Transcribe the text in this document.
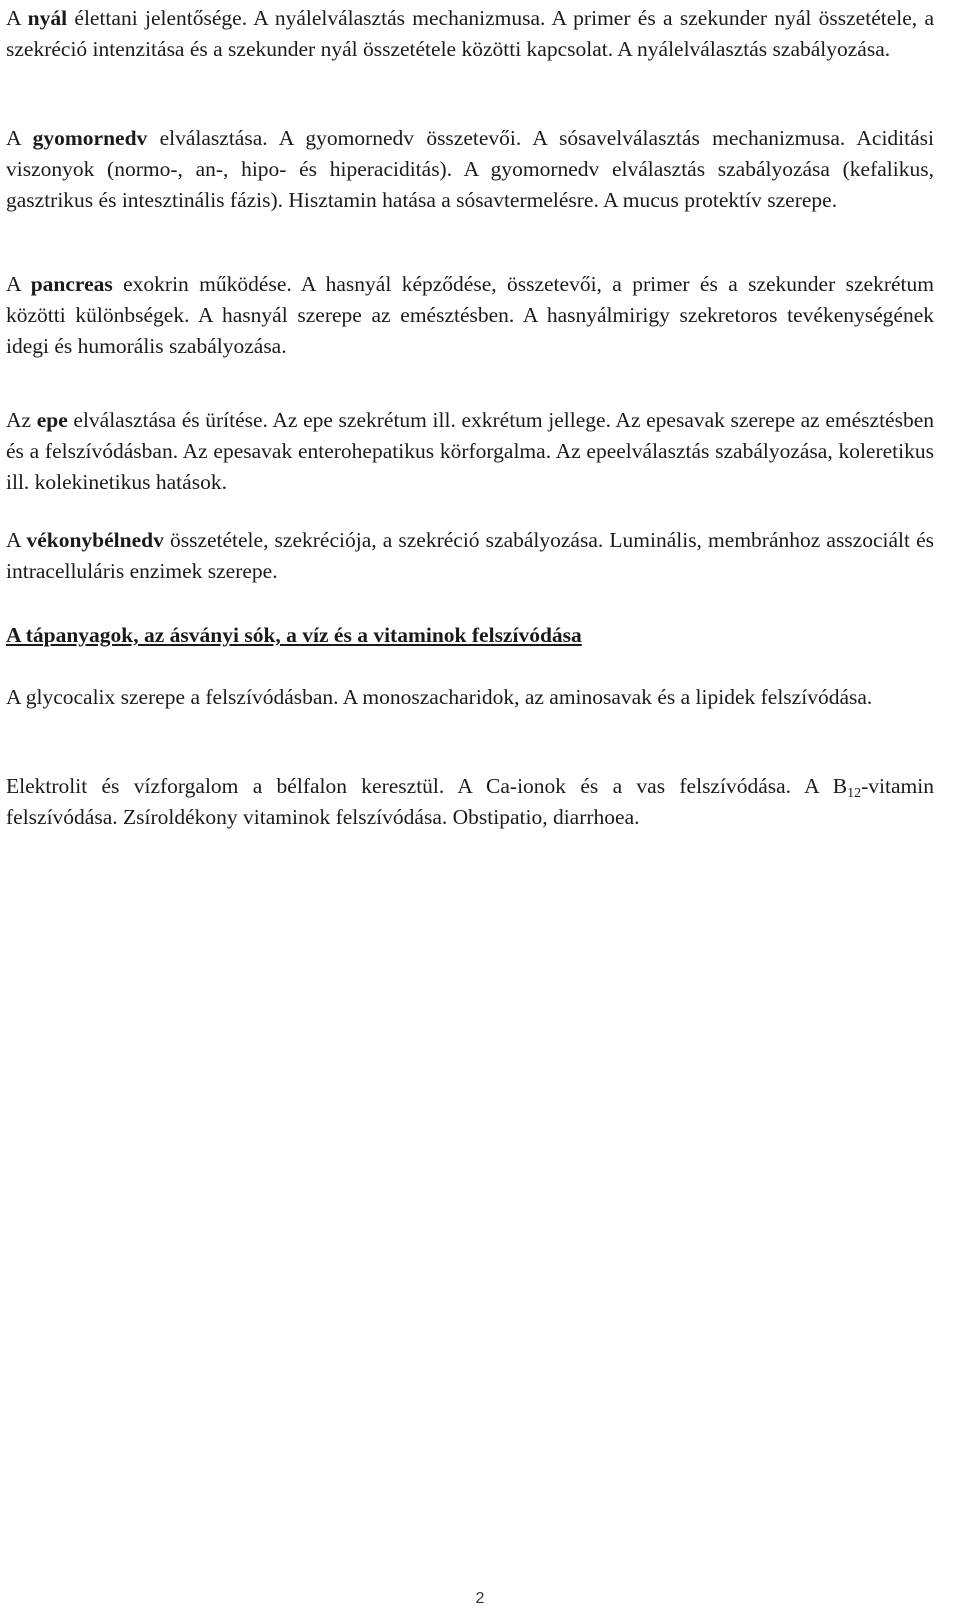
A nyál élettani jelentősége. A nyálelválasztás mechanizmusa. A primer és a szekunder nyál összetétele, a szekréció intenzitása és a szekunder nyál összetétele közötti kapcsolat. A nyálelválasztás szabályozása.

A gyomornedv elválasztása. A gyomornedv összetevői. A sósavelválasztás mechanizmusa. Aciditási viszonyok (normo-, an-, hipo- és hiperaciditás). A gyomornedv elválasztás szabályozása (kefalikus, gasztrikus és intesztinális fázis). Hisztamin hatása a sósavtermelésre. A mucus protektív szerepe.

A pancreas exokrin működése. A hasnyál képződése, összetevői, a primer és a szekunder szekrétum közötti különbségek. A hasnyál szerepe az emésztésben. A hasnyálmirigy szekretoros tevékenységének idegi és humorális szabályozása.

Az epe elválasztása és ürítése. Az epe szekrétum ill. exkrétum jellege. Az epesavak szerepe az emésztésben és a felszívódásban. Az epesavak enterohepatikus körforgalma. Az epeelválasztás szabályozása, koleretikus ill. kolekinetikus hatások.

A vékonybélnedv összetétele, szekréciója, a szekréció szabályozása. Luminális, membránhoz asszociált és intracelluláris enzimek szerepe.

A tápanyagok, az ásványi sók, a víz és a vitaminok felszívódása

A glycocalix szerepe a felszívódásban. A monoszacharidok, az aminosavak és a lipidek felszívódása.

Elektrolit és vízforgalom a bélfalon keresztül. A Ca-ionok és a vas felszívódása. A $B_{12}$-vitamin felszívódása. Zsíroldékony vitaminok felszívódása. Obstipatio, diarrhoea.

2
